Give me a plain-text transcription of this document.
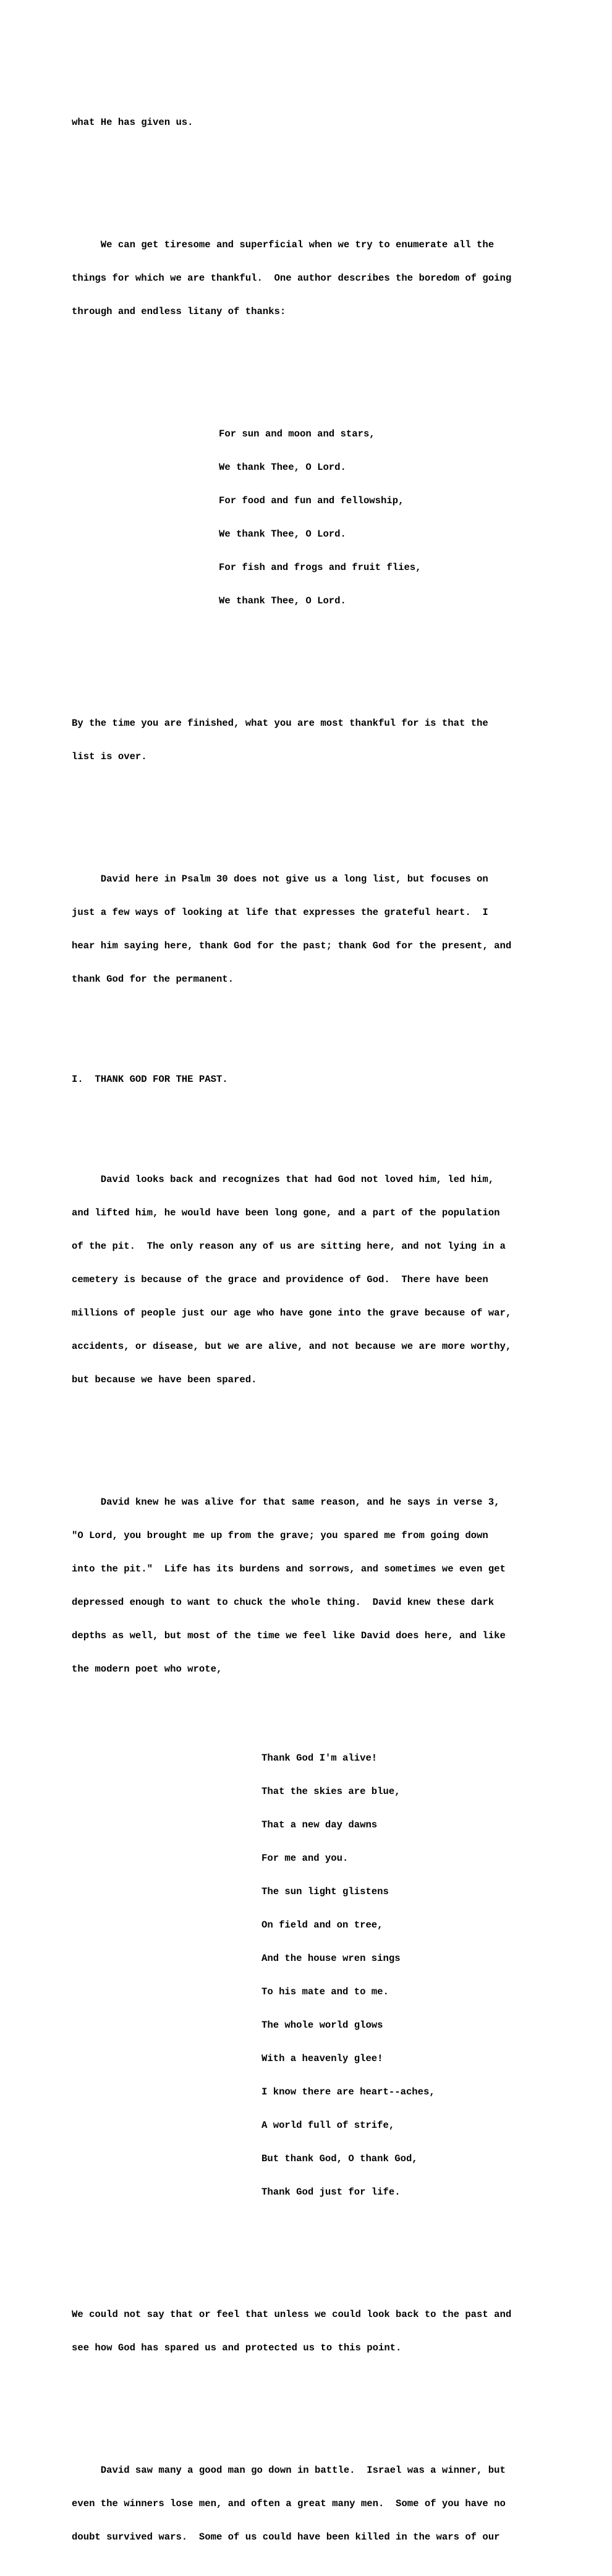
what He has given us.

We can get tiresome and superficial when we try to enumerate all the

things for which we are thankful.  One author describes the boredom of going

through and endless litany of thanks:

For sun and moon and stars,

We thank Thee, O Lord.

For food and fun and fellowship,

We thank Thee, O Lord.

For fish and frogs and fruit flies,

We thank Thee, O Lord.

By the time you are finished, what you are most thankful for is that the

list is over.

David here in Psalm 30 does not give us a long list, but focuses on

just a few ways of looking at life that expresses the grateful heart.  I

hear him saying here, thank God for the past; thank God for the present, and

thank God for the permanent.

I.  THANK GOD FOR THE PAST.

David looks back and recognizes that had God not loved him, led him,

and lifted him, he would have been long gone, and a part of the population

of the pit.  The only reason any of us are sitting here, and not lying in a

cemetery is because of the grace and providence of God.  There have been

millions of people just our age who have gone into the grave because of war,

accidents, or disease, but we are alive, and not because we are more worthy,

but because we have been spared.

David knew he was alive for that same reason, and he says in verse 3,

"O Lord, you brought me up from the grave; you spared me from going down

into the pit."  Life has its burdens and sorrows, and sometimes we even get

depressed enough to want to chuck the whole thing.  David knew these dark

depths as well, but most of the time we feel like David does here, and like

the modern poet who wrote,

Thank God I'm alive!

That the skies are blue,

That a new day dawns

For me and you.

The sun light glistens

On field and on tree,

And the house wren sings

To his mate and to me.

The whole world glows

With a heavenly glee!

I know there are heart--aches,

A world full of strife,

But thank God, O thank God,

Thank God just for life.

We could not say that or feel that unless we could look back to the past and

see how God has spared us and protected us to this point.

David saw many a good man go down in battle.  Israel was a winner, but

even the winners lose men, and often a great many men.  Some of you have no

doubt survived wars.  Some of us could have been killed in the wars of our
